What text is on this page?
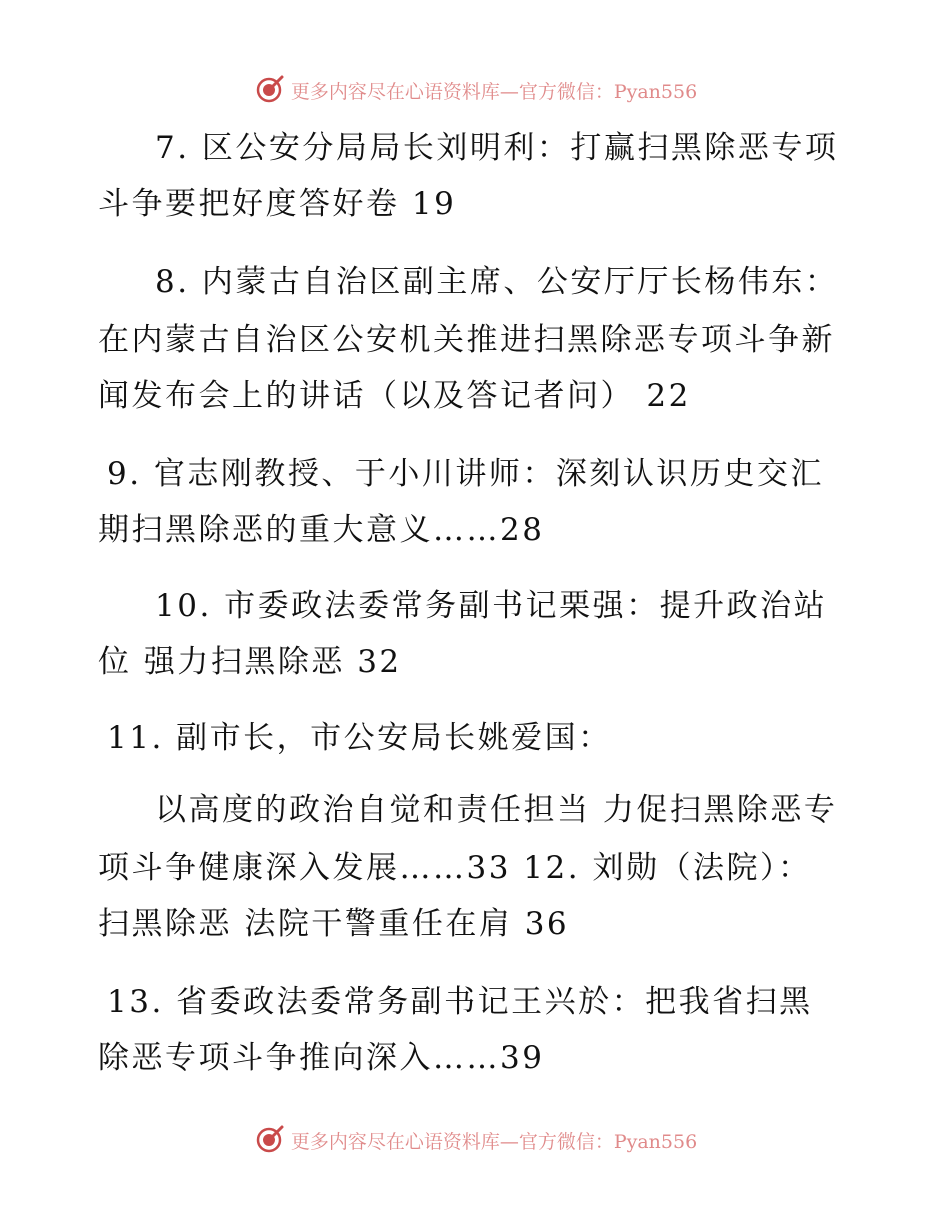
更多内容尽在心语资料库—官方微信：Pyan556
7. 区公安分局局长刘明利：打赢扫黑除恶专项
斗争要把好度答好卷 19
8. 内蒙古自治区副主席、公安厅厅长杨伟东：
在内蒙古自治区公安机关推进扫黑除恶专项斗争新
闻发布会上的讲话（以及答记者问） 22
9. 官志刚教授、于小川讲师：深刻认识历史交汇
期扫黑除恶的重大意义……28
10. 市委政法委常务副书记栗强：提升政治站
位 强力扫黑除恶 32
11. 副市长，市公安局长姚爱国：
以高度的政治自觉和责任担当 力促扫黑除恶专
项斗争健康深入发展……33 12. 刘勋（法院）：
扫黑除恶 法院干警重任在肩 36
13. 省委政法委常务副书记王兴於：把我省扫黑
除恶专项斗争推向深入……39
更多内容尽在心语资料库—官方微信：Pyan556
